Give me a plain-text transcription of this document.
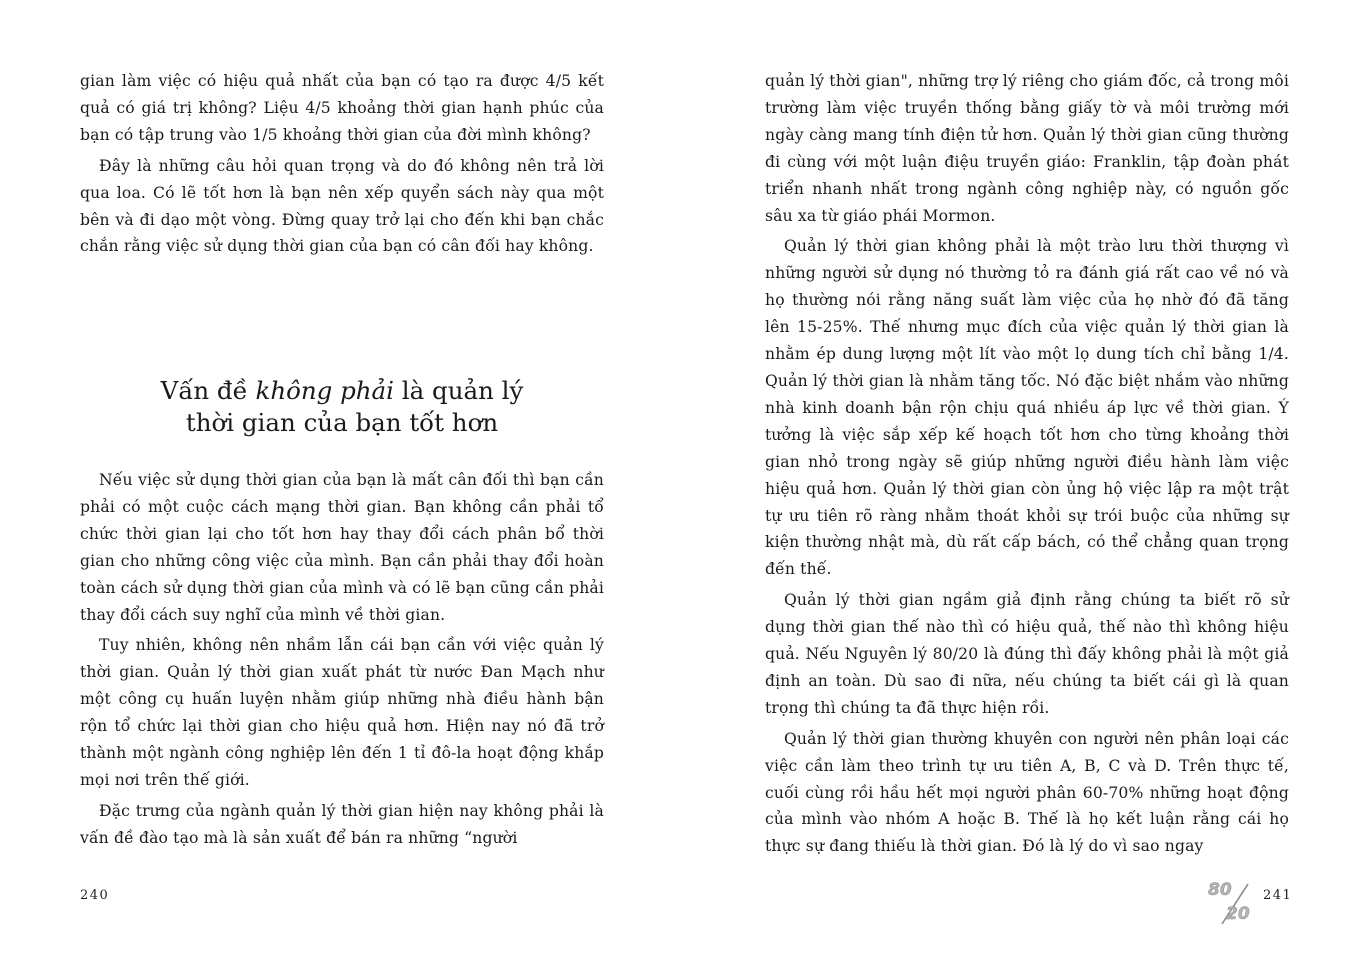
gian làm việc có hiệu quả nhất của bạn có tạo ra được 4/5 kết quả có giá trị không? Liệu 4/5 khoảng thời gian hạnh phúc của bạn có tập trung vào 1/5 khoảng thời gian của đời mình không?

Đây là những câu hỏi quan trọng và do đó không nên trả lời qua loa. Có lẽ tốt hơn là bạn nên xếp quyển sách này qua một bên và đi dạo một vòng. Đừng quay trở lại cho đến khi bạn chắc chắn rằng việc sử dụng thời gian của bạn có cân đối hay không.

Vấn đề không phải là quản lý
thời gian của bạn tốt hơn

Nếu việc sử dụng thời gian của bạn là mất cân đối thì bạn cần phải có một cuộc cách mạng thời gian. Bạn không cần phải tổ chức thời gian lại cho tốt hơn hay thay đổi cách phân bổ thời gian cho những công việc của mình. Bạn cần phải thay đổi hoàn toàn cách sử dụng thời gian của mình và có lẽ bạn cũng cần phải thay đổi cách suy nghĩ của mình về thời gian.

Tuy nhiên, không nên nhầm lẫn cái bạn cần với việc quản lý thời gian. Quản lý thời gian xuất phát từ nước Đan Mạch như một công cụ huấn luyện nhằm giúp những nhà điều hành bận rộn tổ chức lại thời gian cho hiệu quả hơn. Hiện nay nó đã trở thành một ngành công nghiệp lên đến 1 tỉ đô-la hoạt động khắp mọi nơi trên thế giới.

Đặc trưng của ngành quản lý thời gian hiện nay không phải là vấn đề đào tạo mà là sản xuất để bán ra những “người

240

quản lý thời gian", những trợ lý riêng cho giám đốc, cả trong môi trường làm việc truyền thống bằng giấy tờ và môi trường mới ngày càng mang tính điện tử hơn. Quản lý thời gian cũng thường đi cùng với một luận điệu truyền giáo: Franklin, tập đoàn phát triển nhanh nhất trong ngành công nghiệp này, có nguồn gốc sâu xa từ giáo phái Mormon.

Quản lý thời gian không phải là một trào lưu thời thượng vì những người sử dụng nó thường tỏ ra đánh giá rất cao về nó và họ thường nói rằng năng suất làm việc của họ nhờ đó đã tăng lên 15-25%. Thế nhưng mục đích của việc quản lý thời gian là nhằm ép dung lượng một lít vào một lọ dung tích chỉ bằng 1/4. Quản lý thời gian là nhằm tăng tốc. Nó đặc biệt nhắm vào những nhà kinh doanh bận rộn chịu quá nhiều áp lực về thời gian. Ý tưởng là việc sắp xếp kế hoạch tốt hơn cho từng khoảng thời gian nhỏ trong ngày sẽ giúp những người điều hành làm việc hiệu quả hơn. Quản lý thời gian còn ủng hộ việc lập ra một trật tự ưu tiên rõ ràng nhằm thoát khỏi sự trói buộc của những sự kiện thường nhật mà, dù rất cấp bách, có thể chẳng quan trọng đến thế.

Quản lý thời gian ngầm giả định rằng chúng ta biết rõ sử dụng thời gian thế nào thì có hiệu quả, thế nào thì không hiệu quả. Nếu Nguyên lý 80/20 là đúng thì đấy không phải là một giả định an toàn. Dù sao đi nữa, nếu chúng ta biết cái gì là quan trọng thì chúng ta đã thực hiện rồi.

Quản lý thời gian thường khuyên con người nên phân loại các việc cần làm theo trình tự ưu tiên A, B, C và D. Trên thực tế, cuối cùng rồi hầu hết mọi người phân 60-70% những hoạt động của mình vào nhóm A hoặc B. Thế là họ kết luận rằng cái họ thực sự đang thiếu là thời gian. Đó là lý do vì sao ngay

80
20
241
